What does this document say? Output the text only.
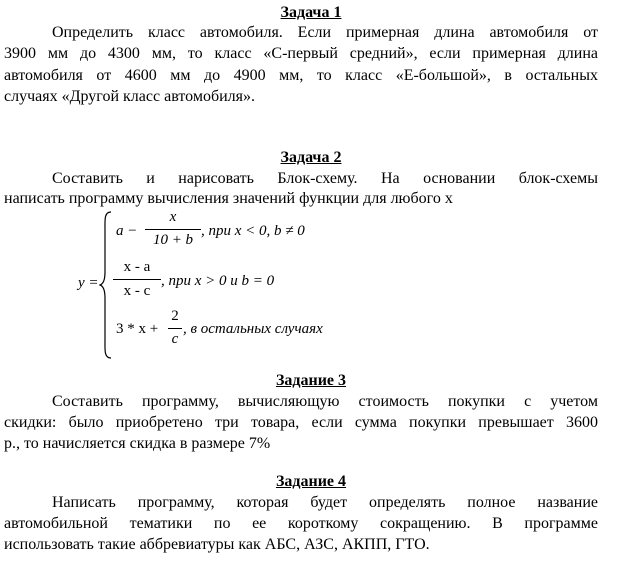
Задача 1
Определить класс автомобиля. Если примерная длина автомобиля от
3900 мм до 4300 мм, то класс «С-первый средний», если примерная длина
автомобиля от 4600 мм до 4900 мм, то класс «Е-большой», в остальных
случаях «Другой класс автомобиля».
Задача 2
Составить и нарисовать Блок-схему. На основании блок-схемы
написать программу вычисления значений функции для любого х
y =
a −
x
10 + b
, при x < 0, b ≠ 0
x - a
x - c
, при x > 0 и b = 0
3 * x +
2
c
, в остальных случаях
Задание 3
Составить программу, вычисляющую стоимость покупки с учетом
скидки: было приобретено три товара, если сумма покупки превышает 3600
р., то начисляется скидка в размере 7%
Задание 4
Написать программу, которая будет определять полное название
автомобильной тематики по ее короткому сокращению. В программе
использовать такие аббревиатуры как АБС, АЗС, АКПП, ГТО.
